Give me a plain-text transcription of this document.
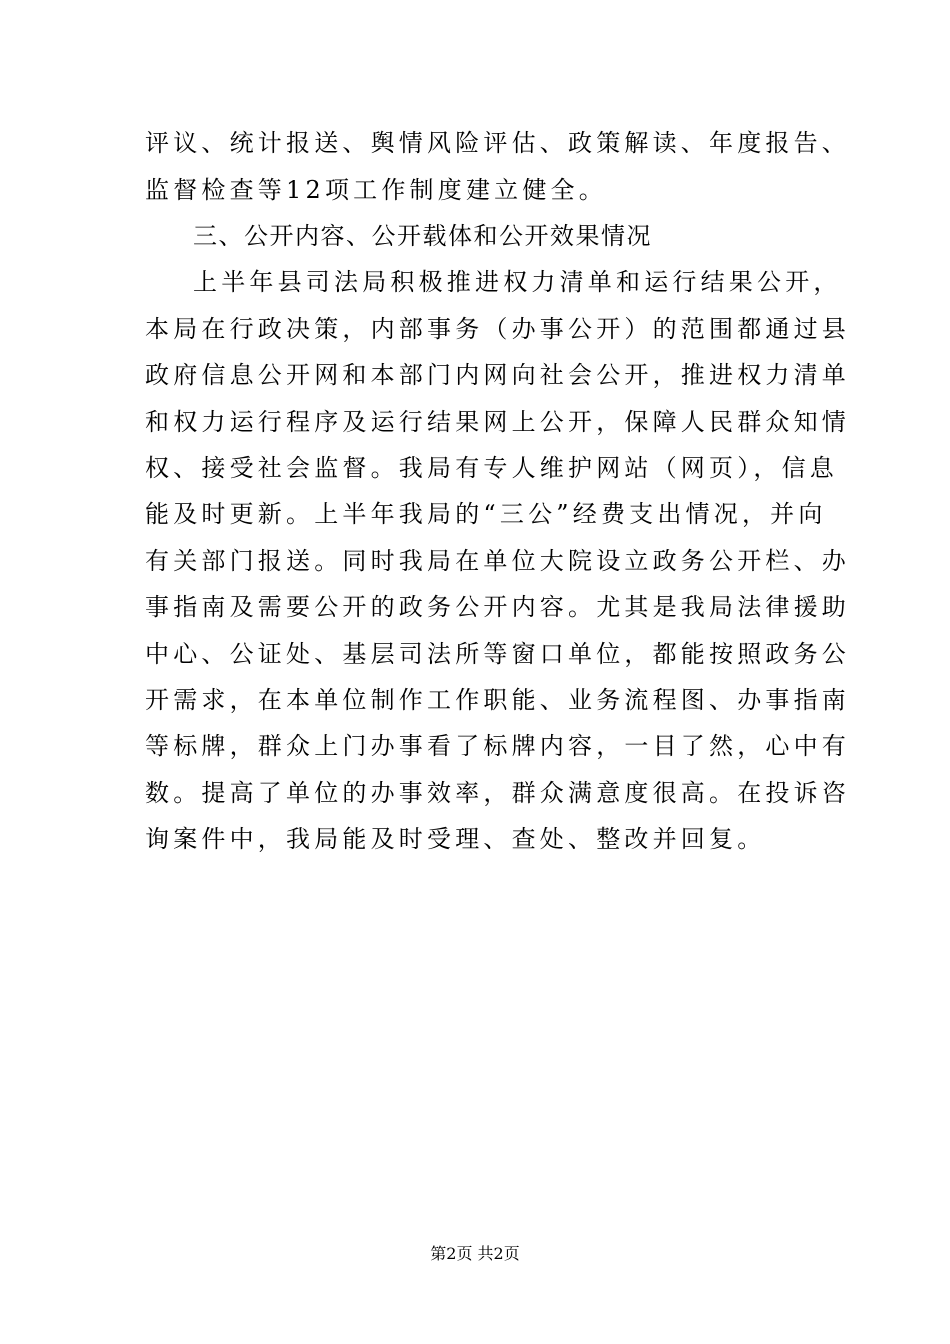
评议、统计报送、舆情风险评估、政策解读、年度报告、
监督检查等12项工作制度建立健全。
三、公开内容、公开载体和公开效果情况
上半年县司法局积极推进权力清单和运行结果公开，
本局在行政决策，内部事务（办事公开）的范围都通过县
政府信息公开网和本部门内网向社会公开，推进权力清单
和权力运行程序及运行结果网上公开，保障人民群众知情
权、接受社会监督。我局有专人维护网站（网页），信息
能及时更新。上半年我局的“三公”经费支出情况，并向
有关部门报送。同时我局在单位大院设立政务公开栏、办
事指南及需要公开的政务公开内容。尤其是我局法律援助
中心、公证处、基层司法所等窗口单位，都能按照政务公
开需求，在本单位制作工作职能、业务流程图、办事指南
等标牌，群众上门办事看了标牌内容，一目了然，心中有
数。提高了单位的办事效率，群众满意度很高。在投诉咨
询案件中，我局能及时受理、查处、整改并回复。
第2页 共2页
